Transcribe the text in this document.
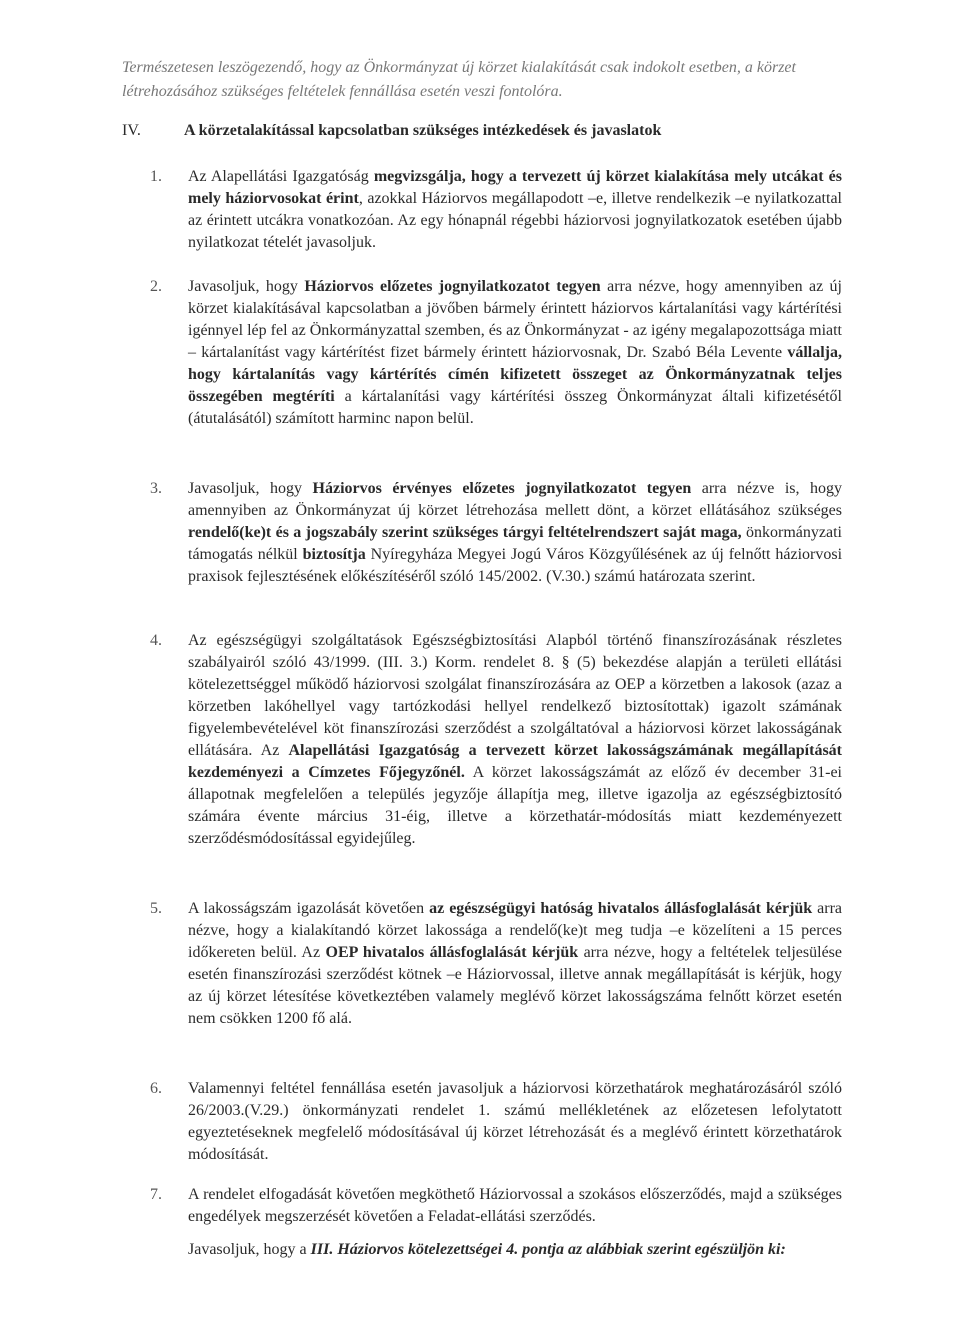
Természetesen leszögezendő, hogy az Önkormányzat új körzet kialakítását csak indokolt esetben, a körzet létrehozásához szükséges feltételek fennállása esetén veszi fontolóra.
IV.	A körzetalakítással kapcsolatban szükséges intézkedések és javaslatok
1. Az Alapellátási Igazgatóság megvizsgálja, hogy a tervezett új körzet kialakítása mely utcákat és mely háziorvosokat érint, azokkal Háziorvos megállapodott –e, illetve rendelkezik –e nyilatkozattal az érintett utcákra vonatkozóan. Az egy hónapnál régebbi háziorvosi jognyilatkozatok esetében újabb nyilatkozat tételét javasoljuk.

2. Javasoljuk, hogy Háziorvos előzetes jognyilatkozatot tegyen arra nézve, hogy amennyiben az új körzet kialakításával kapcsolatban a jövőben bármely érintett háziorvos kártalanítási vagy kártérítési igénnyel lép fel az Önkormányzattal szemben, és az Önkormányzat - az igény megalapozottsága miatt – kártalanítást vagy kártérítést fizet bármely érintett háziorvosnak, Dr. Szabó Béla Levente vállalja, hogy kártalanítás vagy kártérítés címén kifizetett összeget az Önkormányzatnak teljes összegében megtéríti a kártalanítási vagy kártérítési összeg Önkormányzat általi kifizetésétől (átutalásától) számított harminc napon belül.

3. Javasoljuk, hogy Háziorvos érvényes előzetes jognyilatkozatot tegyen arra nézve is, hogy amennyiben az Önkormányzat új körzet létrehozása mellett dönt, a körzet ellátásához szükséges rendelő(ke)t és a jogszabály szerint szükséges tárgyi feltételrendszert saját maga, önkormányzati támogatás nélkül biztosítja Nyíregyháza Megyei Jogú Város Közgyűlésének az új felnőtt háziorvosi praxisok fejlesztésének előkészítéséről szóló 145/2002. (V.30.) számú határozata szerint.

4. Az egészségügyi szolgáltatások Egészségbiztosítási Alapból történő finanszírozásának részletes szabályairól szóló 43/1999. (III. 3.) Korm. rendelet 8. § (5) bekezdése alapján a területi ellátási kötelezettséggel működő háziorvosi szolgálat finanszírozására az OEP a körzetben a lakosok (azaz a körzetben lakóhellyel vagy tartózkodási hellyel rendelkező biztosítottak) igazolt számának figyelembevételével köt finanszírozási szerződést a szolgáltatóval a háziorvosi körzet lakosságának ellátására. Az Alapellátási Igazgatóság a tervezett körzet lakosságszámának megállapítását kezdeményezi a Címzetes Főjegyzőnél. A körzet lakosságszámát az előző év december 31-ei állapotnak megfelelően a település jegyzője állapítja meg, illetve igazolja az egészségbiztosító számára évente március 31-éig, illetve a körzethatár-módosítás miatt kezdeményezett szerződésmódosítással egyidejűleg.

5. A lakosságszám igazolását követően az egészségügyi hatóság hivatalos állásfoglalását kérjük arra nézve, hogy a kialakítandó körzet lakossága a rendelő(ke)t meg tudja –e közelíteni a 15 perces időkereten belül. Az OEP hivatalos állásfoglalását kérjük arra nézve, hogy a feltételek teljesülése esetén finanszírozási szerződést kötnek –e Háziorvossal, illetve annak megállapítását is kérjük, hogy az új körzet létesítése következtében valamely meglévő körzet lakosságszáma felnőtt körzet esetén nem csökken 1200 fő alá.

6. Valamennyi feltétel fennállása esetén javasoljuk a háziorvosi körzethatárok meghatározásáról szóló 26/2003.(V.29.) önkormányzati rendelet 1. számú mellékletének az előzetesen lefolytatott egyeztetéseknek megfelelő módosításával új körzet létrehozását és a meglévő érintett körzethatárok módosítását.

7. A rendelet elfogadását követően megköthető Háziorvossal a szokásos előszerződés, majd a szükséges engedélyek megszerzését követően a Feladat-ellátási szerződés.

Javasoljuk, hogy a III. Háziorvos kötelezettségei 4. pontja az alábbiak szerint egészüljön ki:
